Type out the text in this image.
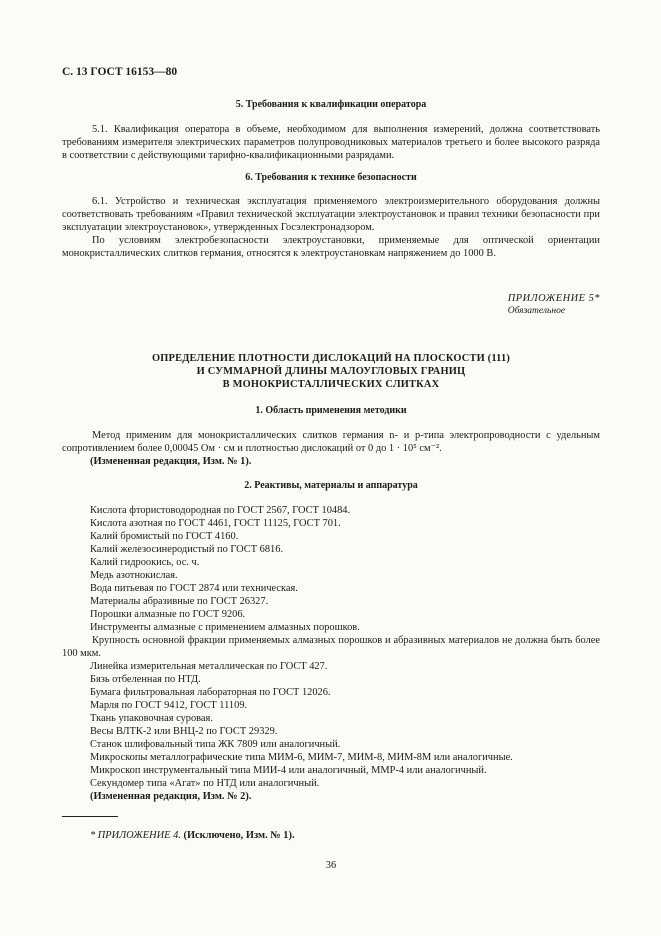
С. 13 ГОСТ 16153—80
5. Требования к квалификации оператора

5.1. Квалификация оператора в объеме, необходимом для выполнения измерений, должна соответствовать требованиям измерителя электрических параметров полупроводниковых материалов третьего и более высокого разряда в соответствии с действующими тарифно-квалификационными разрядами.

6. Требования к технике безопасности

6.1. Устройство и техническая эксплуатация применяемого электроизмерительного оборудования должны соответствовать требованиям «Правил технической эксплуатации электроустановок и правил техники безопасности при эксплуатации электроустановок», утвержденных Госэлектронадзором.

По условиям электробезопасности электроустановки, применяемые для оптической ориентации монокристаллических слитков германия, относятся к электроустановкам напряжением до 1000 В.

ПРИЛОЖЕНИЕ 5*
Обязательное
ОПРЕДЕЛЕНИЕ ПЛОТНОСТИ ДИСЛОКАЦИЙ НА ПЛОСКОСТИ (111)
И СУММАРНОЙ ДЛИНЫ МАЛОУГЛОВЫХ ГРАНИЦ
В МОНОКРИСТАЛЛИЧЕСКИХ СЛИТКАХ
1. Область применения методики

Метод применим для монокристаллических слитков германия n- и p-типа электропроводности с удельным сопротивлением более 0,00045 Ом · см и плотностью дислокаций от 0 до 1 · 10⁵ см⁻².

(Измененная редакция, Изм. № 1).

2. Реактивы, материалы и аппаратура

Кислота фтористоводородная по ГОСТ 2567, ГОСТ 10484.

Кислота азотная по ГОСТ 4461, ГОСТ 11125, ГОСТ 701.

Калий бромистый по ГОСТ 4160.

Калий железосинеродистый по ГОСТ 6816.

Калий гидроокись, ос. ч.

Медь азотнокислая.

Вода питьевая по ГОСТ 2874 или техническая.

Материалы абразивные по ГОСТ 26327.

Порошки алмазные по ГОСТ 9206.

Инструменты алмазные с применением алмазных порошков.

Крупность основной фракции применяемых алмазных порошков и абразивных материалов не должна быть более 100 мкм.

Линейка измерительная металлическая по ГОСТ 427.

Бязь отбеленная по НТД.

Бумага фильтровальная лабораторная по ГОСТ 12026.

Марля по ГОСТ 9412, ГОСТ 11109.

Ткань упаковочная суровая.

Весы ВЛТК-2 или ВНЦ-2 по ГОСТ 29329.

Станок шлифовальный типа ЖК 7809 или аналогичный.

Микроскопы металлографические типа МИМ-6, МИМ-7, МИМ-8, МИМ-8М или аналогичные.

Микроскоп инструментальный типа МИИ-4 или аналогичный, ММР-4 или аналогичный.

Секундомер типа «Агат» по НТД или аналогичный.

(Измененная редакция, Изм. № 2).

* ПРИЛОЖЕНИЕ 4. (Исключено, Изм. № 1).
36
